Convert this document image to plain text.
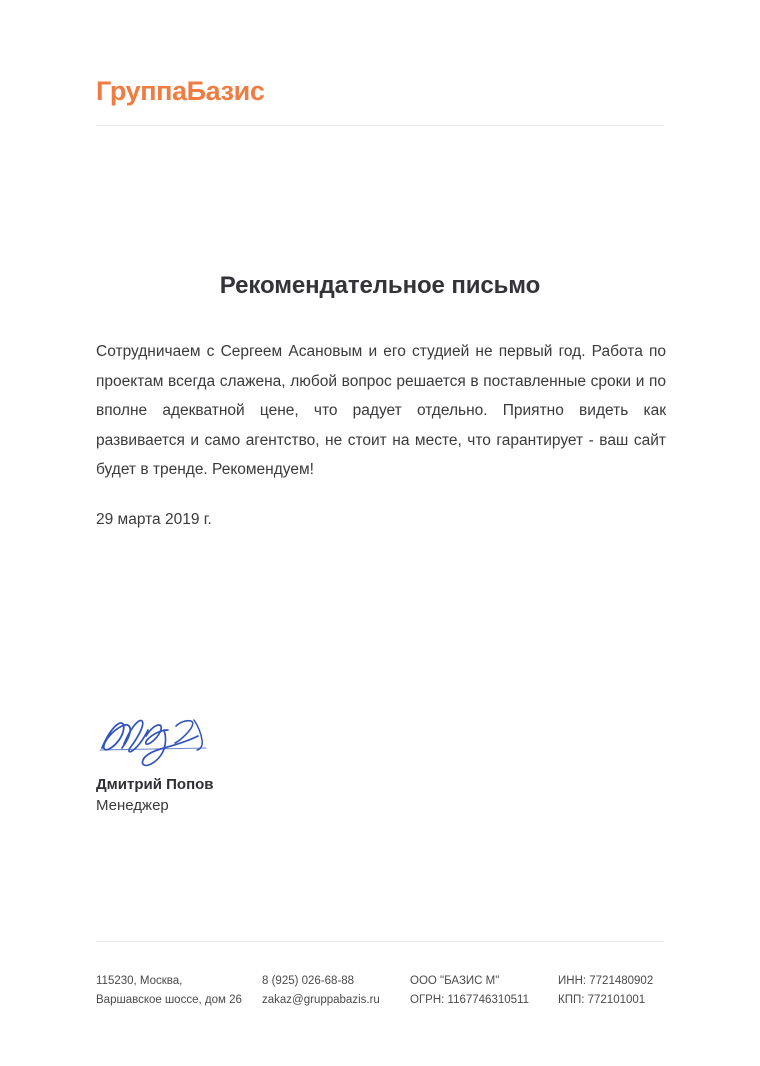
ГруппаБазис
Рекомендательное письмо

Сотрудничаем с Сергеем Асановым и его студией не первый год. Работа по проектам всегда слажена, любой вопрос решается в поставленные сроки и по вполне адекватной цене, что радует отдельно. Приятно видеть как развивается и само агентство, не стоит на месте, что гарантирует - ваш сайт будет в тренде. Рекомендуем!

29 марта 2019 г.
Дмитрий Попов
Менеджер
115230, Москва,
Варшавское шоссе, дом 26
8 (925) 026-68-88
zakaz@gruppabazis.ru
ООО "БАЗИС М"
ОГРН: 1167746310511
ИНН: 7721480902
КПП: 772101001
